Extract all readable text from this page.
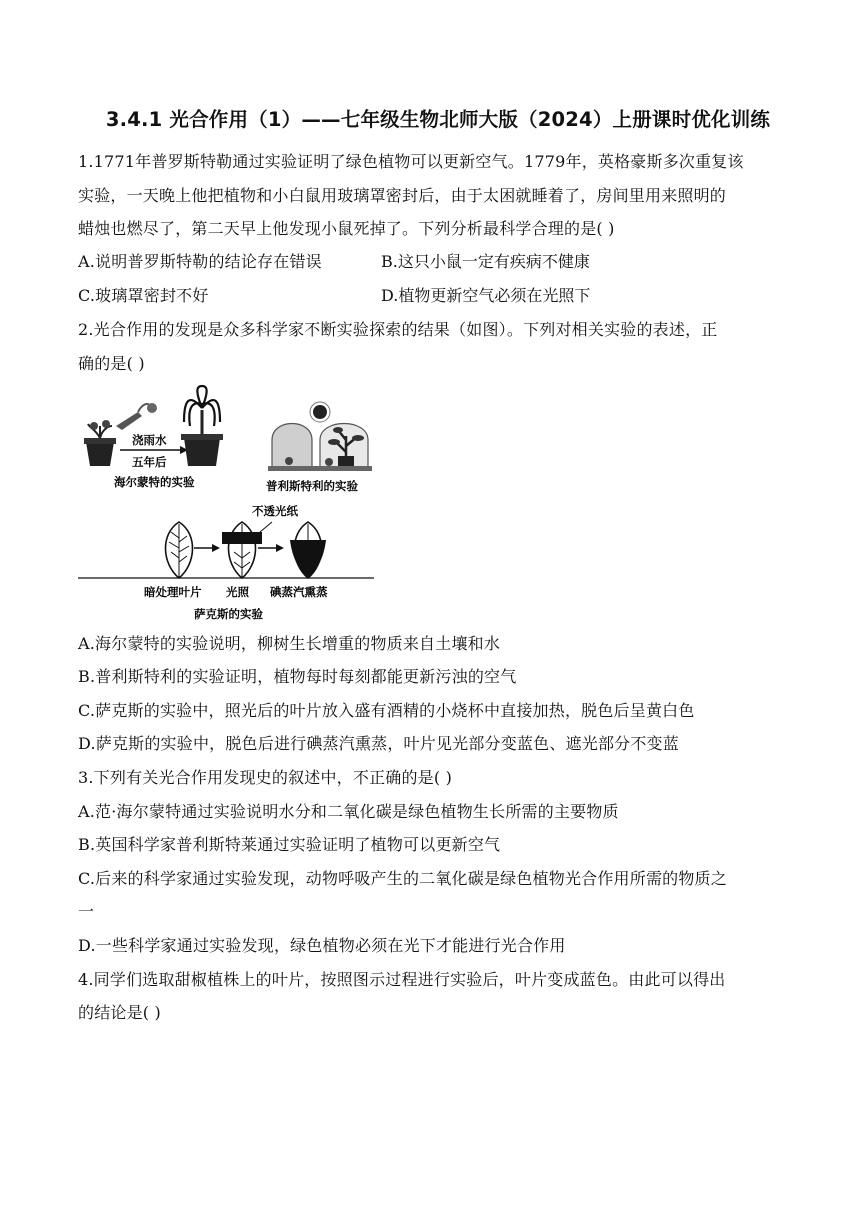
3.4.1 光合作用（1）——七年级生物北师大版（2024）上册课时优化训练
1.1771年普罗斯特勒通过实验证明了绿色植物可以更新空气。1779年，英格豪斯多次重复该
实验，一天晚上他把植物和小白鼠用玻璃罩密封后，由于太困就睡着了，房间里用来照明的
蜡烛也燃尽了，第二天早上他发现小鼠死掉了。下列分析最科学合理的是( )
A.说明普罗斯特勒的结论存在错误	B.这只小鼠一定有疾病不健康
C.玻璃罩密封不好	D.植物更新空气必须在光照下
2.光合作用的发现是众多科学家不断实验探索的结果（如图）。下列对相关实验的表述，正
确的是( )
浇雨水
五年后
海尔蒙特的实验	普利斯特利的实验
不透光纸
暗处理叶片 光照 碘蒸汽熏蒸
萨克斯的实验
A.海尔蒙特的实验说明，柳树生长增重的物质来自土壤和水
B.普利斯特利的实验证明，植物每时每刻都能更新污浊的空气
C.萨克斯的实验中，照光后的叶片放入盛有酒精的小烧杯中直接加热，脱色后呈黄白色
D.萨克斯的实验中，脱色后进行碘蒸汽熏蒸，叶片见光部分变蓝色、遮光部分不变蓝
3.下列有关光合作用发现史的叙述中，不正确的是( )
A.范·海尔蒙特通过实验说明水分和二氧化碳是绿色植物生长所需的主要物质
B.英国科学家普利斯特莱通过实验证明了植物可以更新空气
C.后来的科学家通过实验发现，动物呼吸产生的二氧化碳是绿色植物光合作用所需的物质之
一
D.一些科学家通过实验发现，绿色植物必须在光下才能进行光合作用
4.同学们选取甜椒植株上的叶片，按照图示过程进行实验后，叶片变成蓝色。由此可以得出
的结论是( )
